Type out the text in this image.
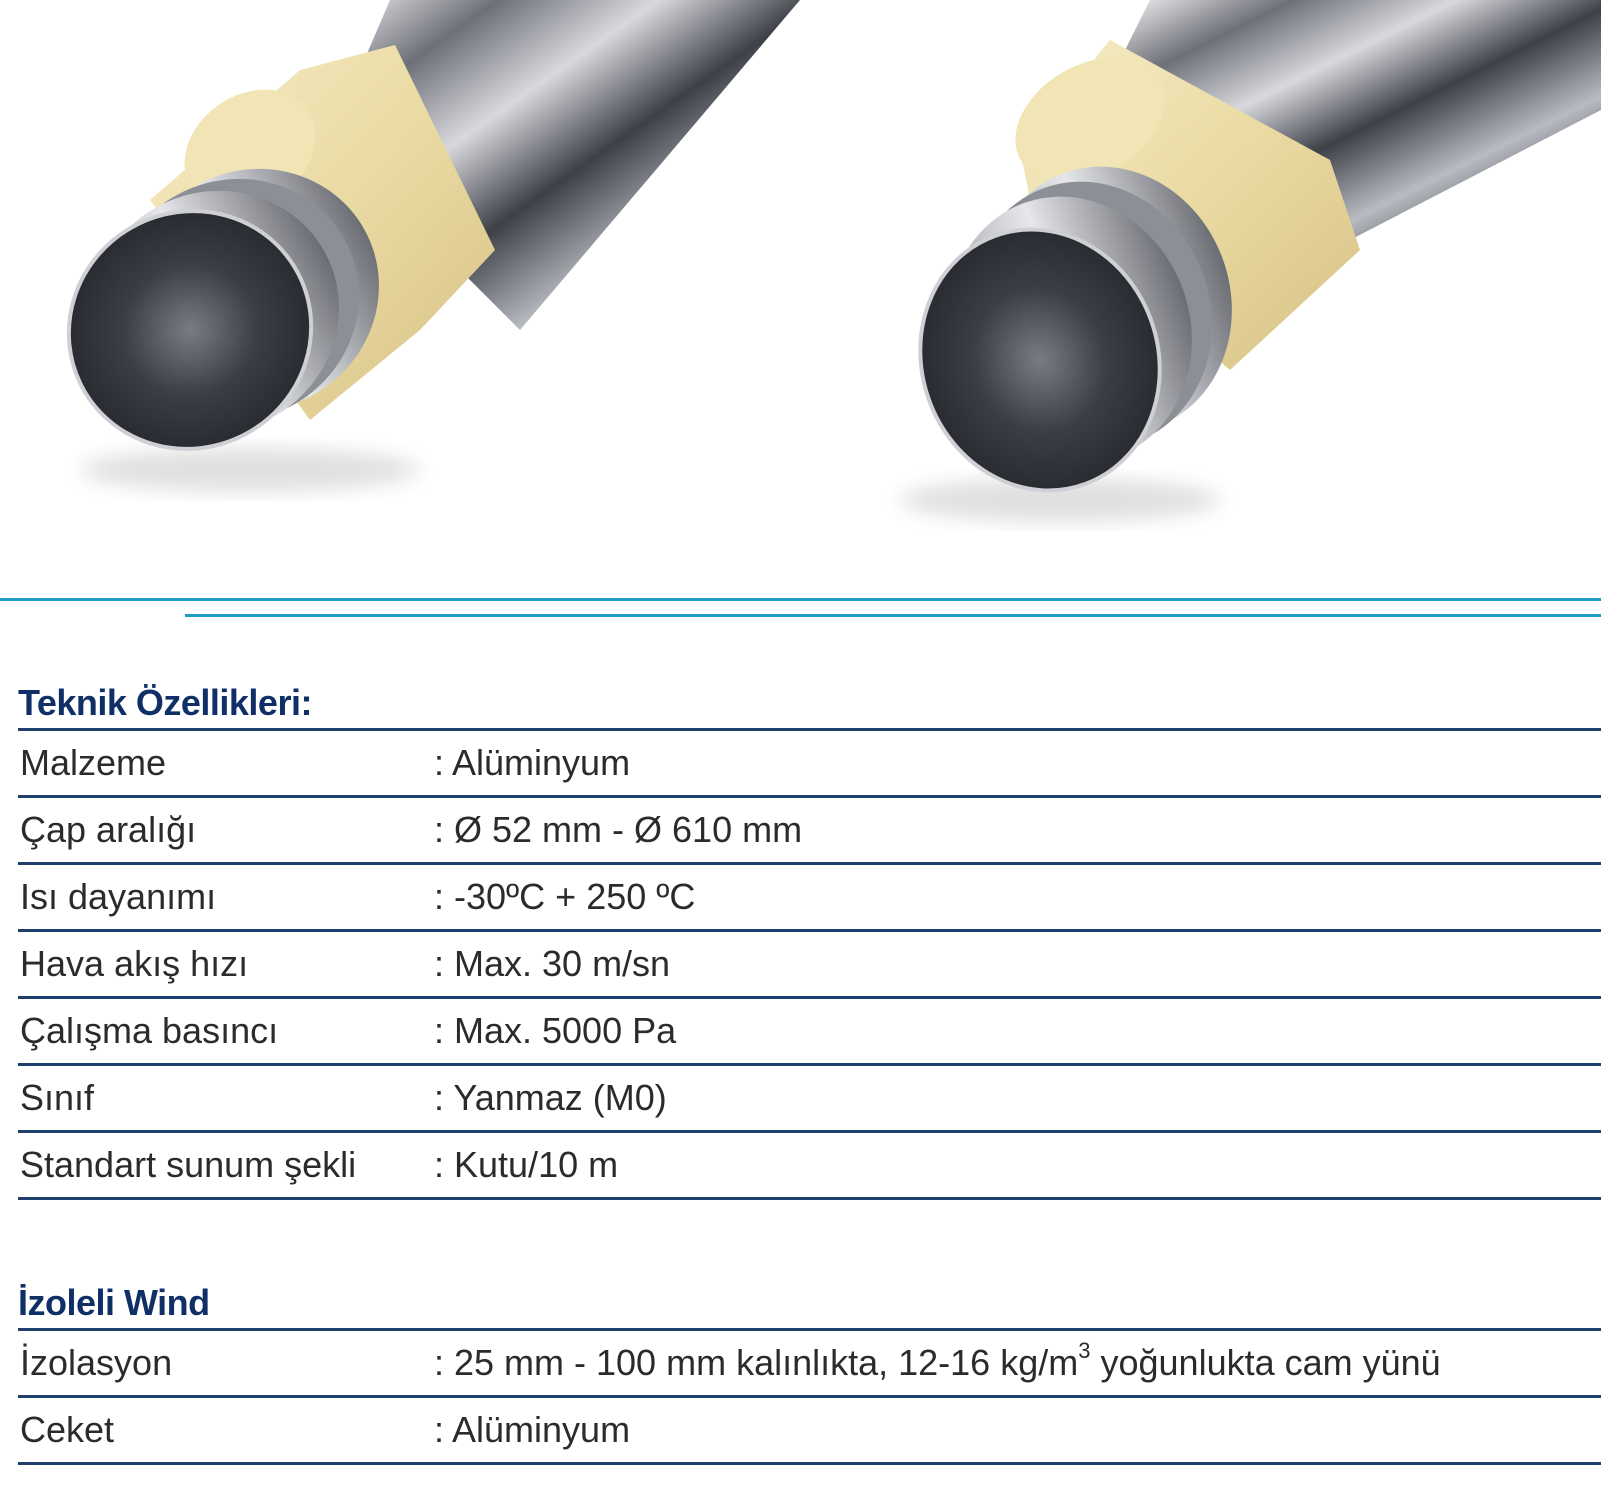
Teknik Özellikleri:
Malzeme	: Alüminyum
Çap aralığı	: Ø 52 mm - Ø 610 mm
Isı dayanımı	: -30ºC + 250 ºC
Hava akış hızı	: Max. 30 m/sn
Çalışma basıncı	: Max. 5000 Pa
Sınıf	: Yanmaz (M0)
Standart sunum şekli : Kutu/10 m
İzoleli Wind
İzolasyon	: 25 mm - 100 mm kalınlıkta, 12-16 $kg/m^3$ yoğunlukta cam yünü
Ceket	: Alüminyum
